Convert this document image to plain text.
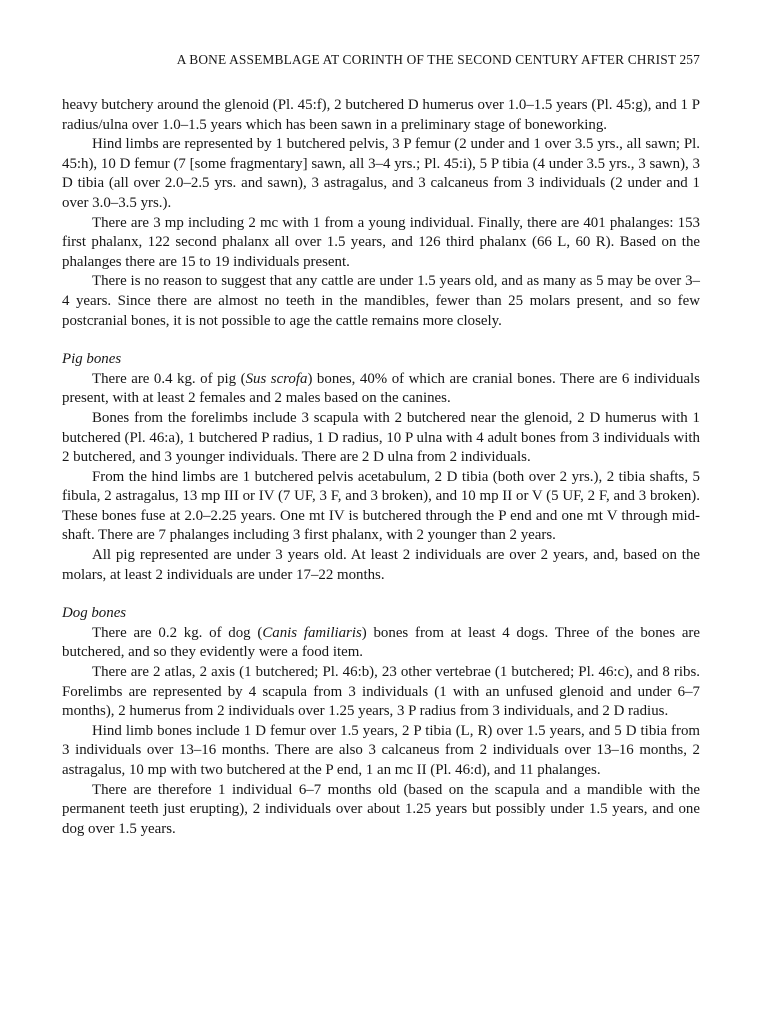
A BONE ASSEMBLAGE AT CORINTH OF THE SECOND CENTURY AFTER CHRIST 257

heavy butchery around the glenoid (Pl. 45:f), 2 butchered D humerus over 1.0–1.5 years (Pl. 45:g), and 1 P radius/ulna over 1.0–1.5 years which has been sawn in a preliminary stage of boneworking.

Hind limbs are represented by 1 butchered pelvis, 3 P femur (2 under and 1 over 3.5 yrs., all sawn; Pl. 45:h), 10 D femur (7 [some fragmentary] sawn, all 3–4 yrs.; Pl. 45:i), 5 P tibia (4 under 3.5 yrs., 3 sawn), 3 D tibia (all over 2.0–2.5 yrs. and sawn), 3 astragalus, and 3 calcaneus from 3 individuals (2 under and 1 over 3.0–3.5 yrs.).

There are 3 mp including 2 mc with 1 from a young individual. Finally, there are 401 phalanges: 153 first phalanx, 122 second phalanx all over 1.5 years, and 126 third phalanx (66 L, 60 R). Based on the phalanges there are 15 to 19 individuals present.

There is no reason to suggest that any cattle are under 1.5 years old, and as many as 5 may be over 3–4 years. Since there are almost no teeth in the mandibles, fewer than 25 molars present, and so few postcranial bones, it is not possible to age the cattle remains more closely.

Pig bones

There are 0.4 kg. of pig (Sus scrofa) bones, 40% of which are cranial bones. There are 6 individuals present, with at least 2 females and 2 males based on the canines.

Bones from the forelimbs include 3 scapula with 2 butchered near the glenoid, 2 D humerus with 1 butchered (Pl. 46:a), 1 butchered P radius, 1 D radius, 10 P ulna with 4 adult bones from 3 individuals with 2 butchered, and 3 younger individuals. There are 2 D ulna from 2 individuals.

From the hind limbs are 1 butchered pelvis acetabulum, 2 D tibia (both over 2 yrs.), 2 tibia shafts, 5 fibula, 2 astragalus, 13 mp III or IV (7 UF, 3 F, and 3 broken), and 10 mp II or V (5 UF, 2 F, and 3 broken). These bones fuse at 2.0–2.25 years. One mt IV is butchered through the P end and one mt V through mid-shaft. There are 7 phalanges including 3 first phalanx, with 2 younger than 2 years.

All pig represented are under 3 years old. At least 2 individuals are over 2 years, and, based on the molars, at least 2 individuals are under 17–22 months.

Dog bones

There are 0.2 kg. of dog (Canis familiaris) bones from at least 4 dogs. Three of the bones are butchered, and so they evidently were a food item.

There are 2 atlas, 2 axis (1 butchered; Pl. 46:b), 23 other vertebrae (1 butchered; Pl. 46:c), and 8 ribs. Forelimbs are represented by 4 scapula from 3 individuals (1 with an unfused glenoid and under 6–7 months), 2 humerus from 2 individuals over 1.25 years, 3 P radius from 3 individuals, and 2 D radius.

Hind limb bones include 1 D femur over 1.5 years, 2 P tibia (L, R) over 1.5 years, and 5 D tibia from 3 individuals over 13–16 months. There are also 3 calcaneus from 2 individuals over 13–16 months, 2 astragalus, 10 mp with two butchered at the P end, 1 an mc II (Pl. 46:d), and 11 phalanges.

There are therefore 1 individual 6–7 months old (based on the scapula and a mandible with the permanent teeth just erupting), 2 individuals over about 1.25 years but possibly under 1.5 years, and one dog over 1.5 years.
